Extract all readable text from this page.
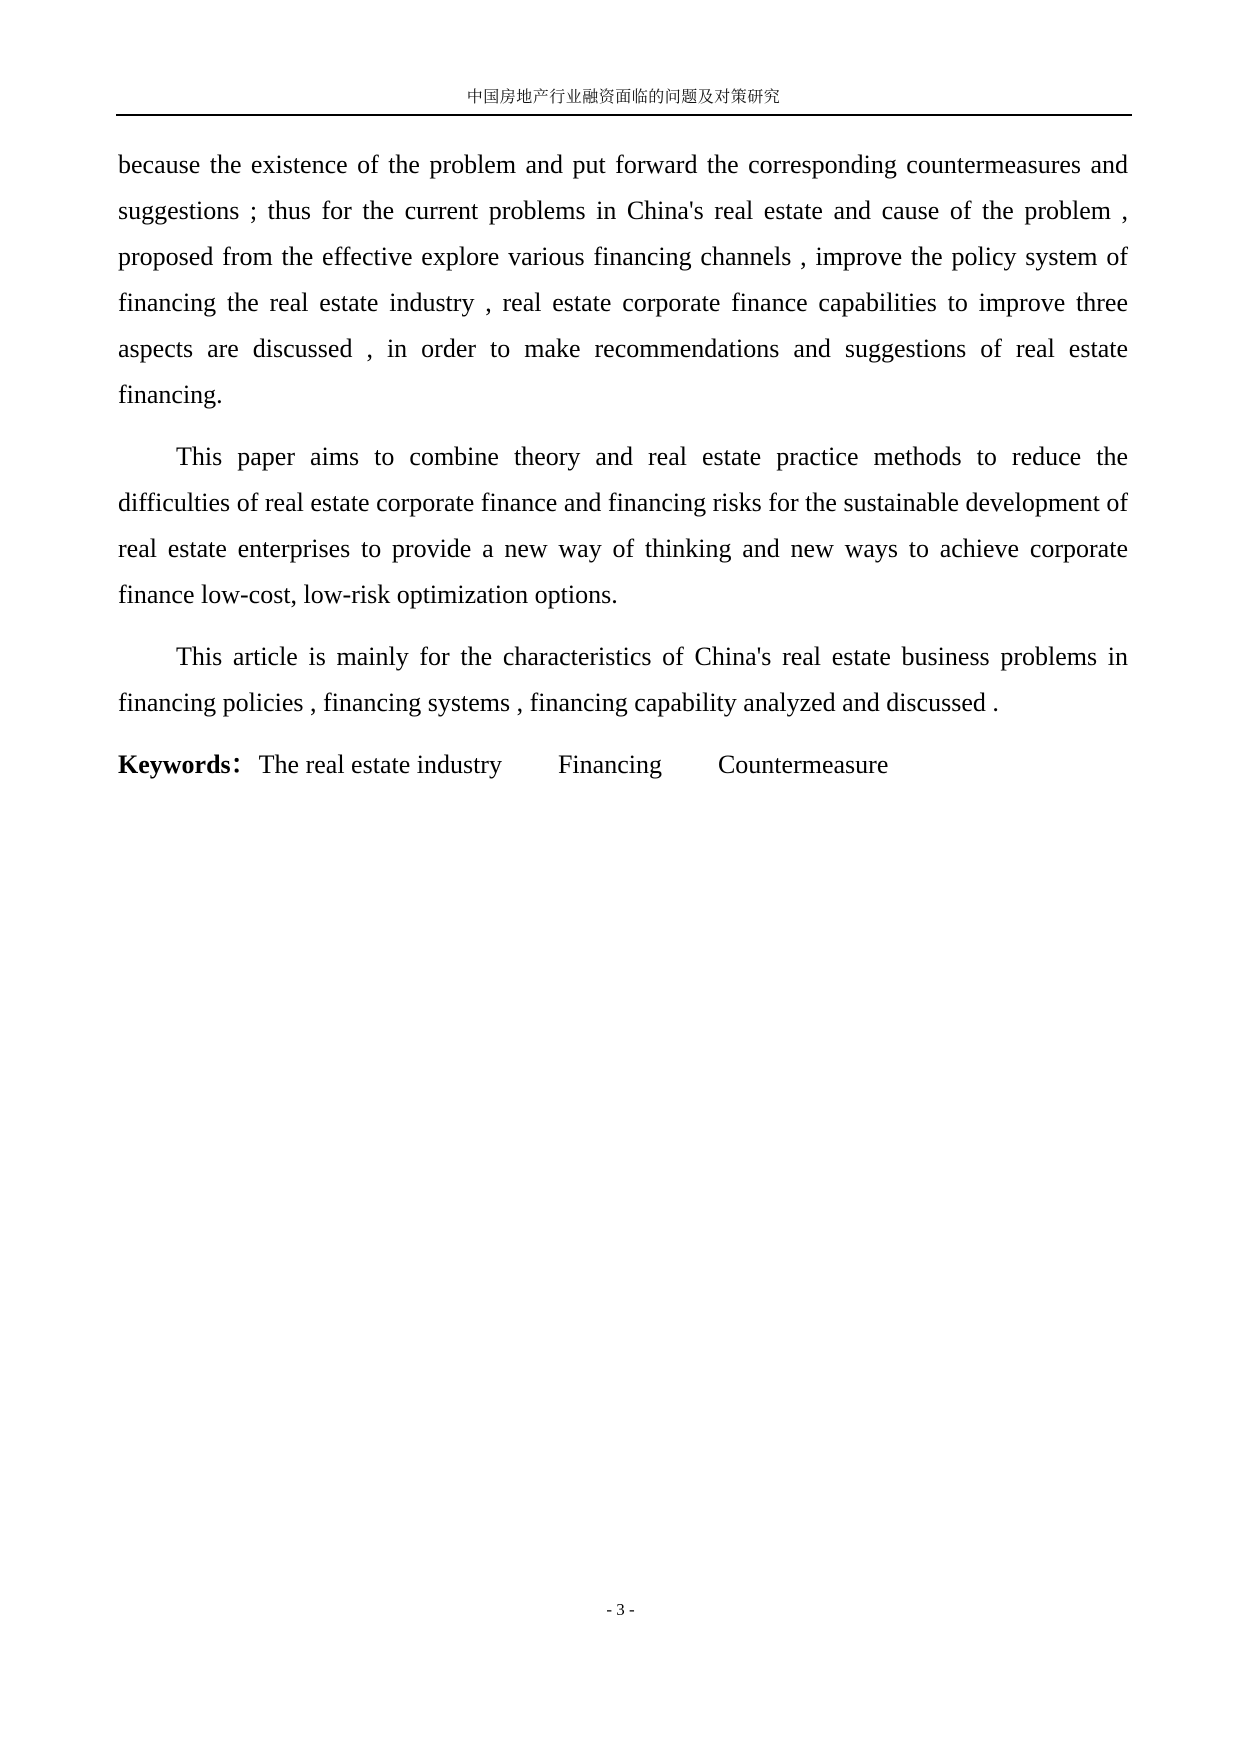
中国房地产行业融资面临的问题及对策研究

because the existence of the problem and put forward the corresponding countermeasures and suggestions ; thus for the current problems in China's real estate and cause of the problem , proposed from the effective explore various financing channels , improve the policy system of financing the real estate industry , real estate corporate finance capabilities to improve three aspects are discussed , in order to make recommendations and suggestions of real estate financing.

This paper aims to combine theory and real estate practice methods to reduce the difficulties of real estate corporate finance and financing risks for the sustainable development of real estate enterprises to provide a new way of thinking and new ways to achieve corporate finance low-cost, low-risk optimization options.

This article is mainly for the characteristics of China's real estate business problems in financing policies , financing systems , financing capability analyzed and discussed .

Keywords：The real estate industry Financing Countermeasure

- 3 -
